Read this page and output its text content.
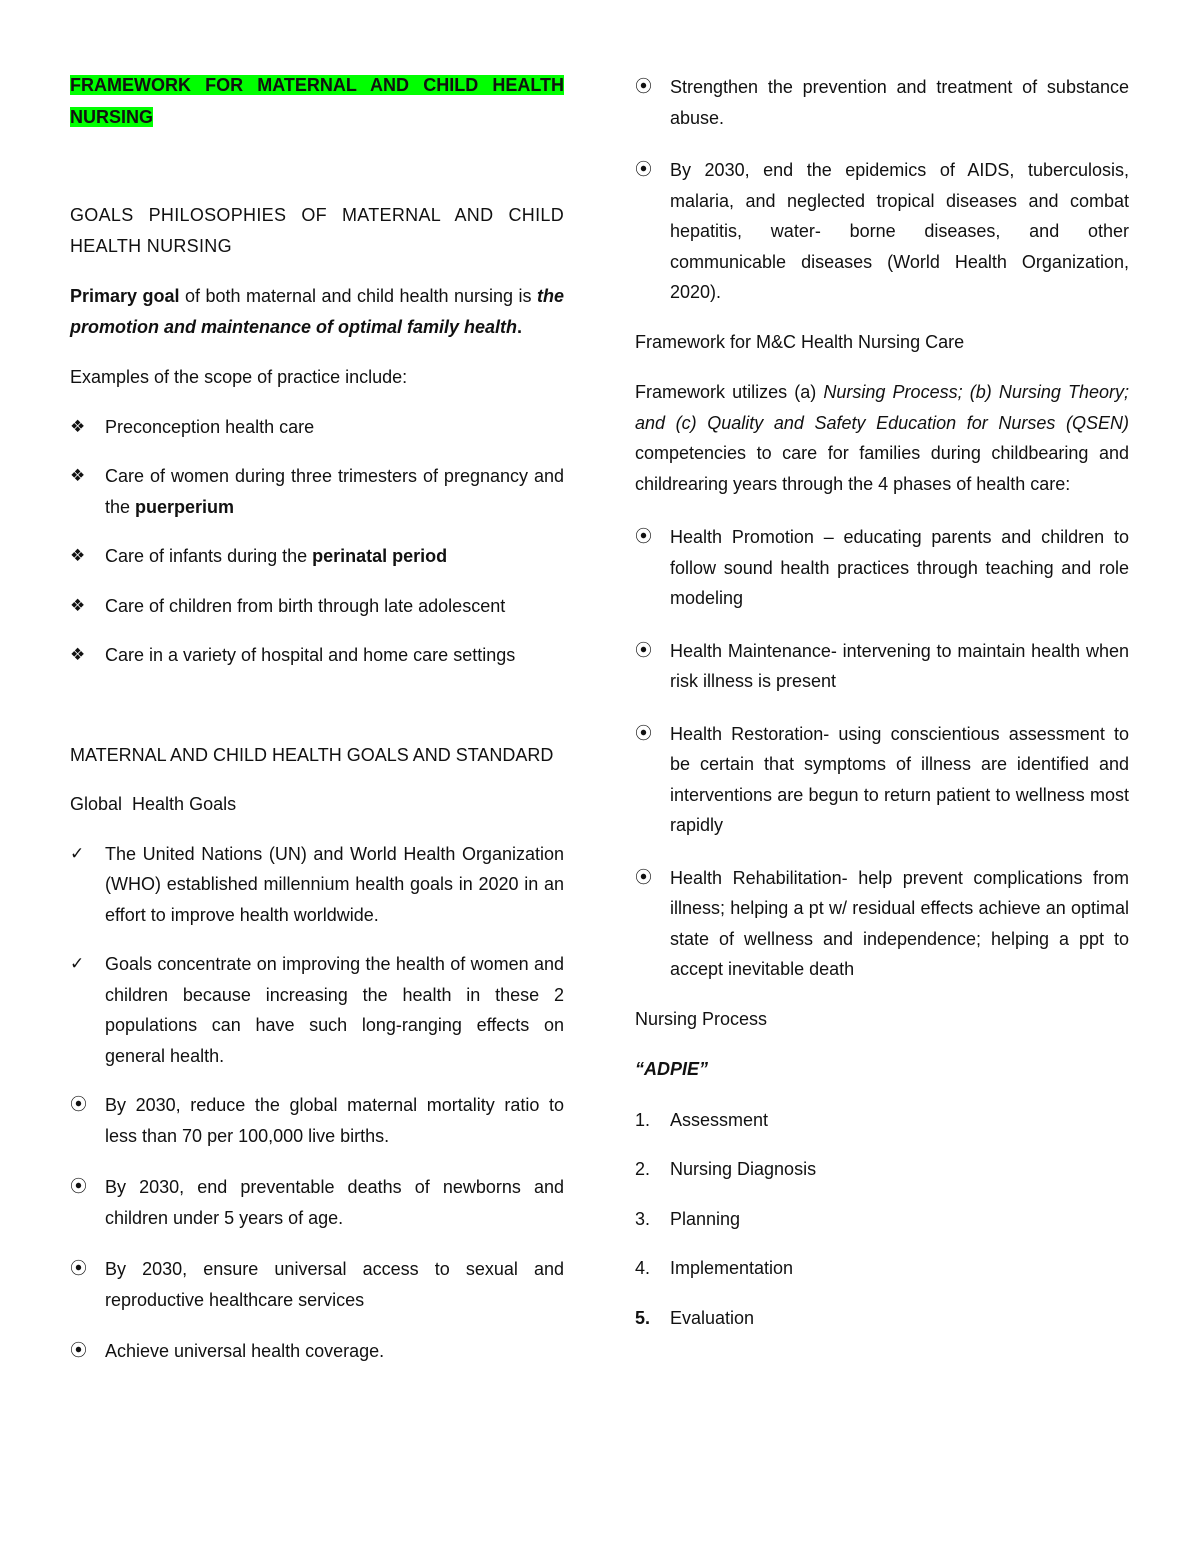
FRAMEWORK FOR MATERNAL AND CHILD HEALTH

NURSING

GOALS PHILOSOPHIES OF MATERNAL AND CHILD HEALTH NURSING

Primary goal of both maternal and child health nursing is the promotion and maintenance of optimal family health.

Examples of the scope of practice include:

❖	Preconception health care
❖	Care of women during three trimesters of pregnancy and the puerperium
❖	Care of infants during the perinatal period
❖	Care of children from birth through late adolescent
❖	Care in a variety of hospital and home care settings

MATERNAL AND CHILD HEALTH GOALS AND STANDARD

Global  Health Goals

✓	The United Nations (UN) and World Health Organization (WHO) established millennium health goals in 2020 in an effort to improve health worldwide.
✓	Goals concentrate on improving the health of women and children because increasing the health in these 2 populations can have such long-ranging effects on general health.
⦿ By 2030, reduce the global maternal mortality ratio to less than 70 per 100,000 live births.
⦿ By 2030, end preventable deaths of newborns and children under 5 years of age.
⦿ By 2030, ensure universal access to sexual and reproductive healthcare services
⦿ Achieve universal health coverage.
⦿ Strengthen the prevention and treatment of substance abuse.
⦿ By 2030, end the epidemics of AIDS, tuberculosis, malaria, and neglected tropical diseases and combat hepatitis, water- borne diseases, and other communicable diseases (World Health Organization, 2020).

Framework for M&C Health Nursing Care

Framework utilizes (a) Nursing Process; (b) Nursing Theory; and (c) Quality and Safety Education for Nurses (QSEN) competencies to care for families during childbearing and childrearing years through the 4 phases of health care:

⦿ Health Promotion – educating parents and children to follow sound health practices through teaching and role modeling
⦿ Health Maintenance- intervening to maintain health when risk illness is present
⦿ Health Restoration- using conscientious assessment to be certain that symptoms of illness are identified and interventions are begun to return patient to wellness most rapidly
⦿ Health Rehabilitation- help prevent complications from illness; helping a pt w/ residual effects achieve an optimal state of wellness and independence; helping a ppt to accept inevitable death

Nursing Process

“ADPIE”

1. Assessment
2. Nursing Diagnosis
3. Planning
4. Implementation
5. Evaluation
